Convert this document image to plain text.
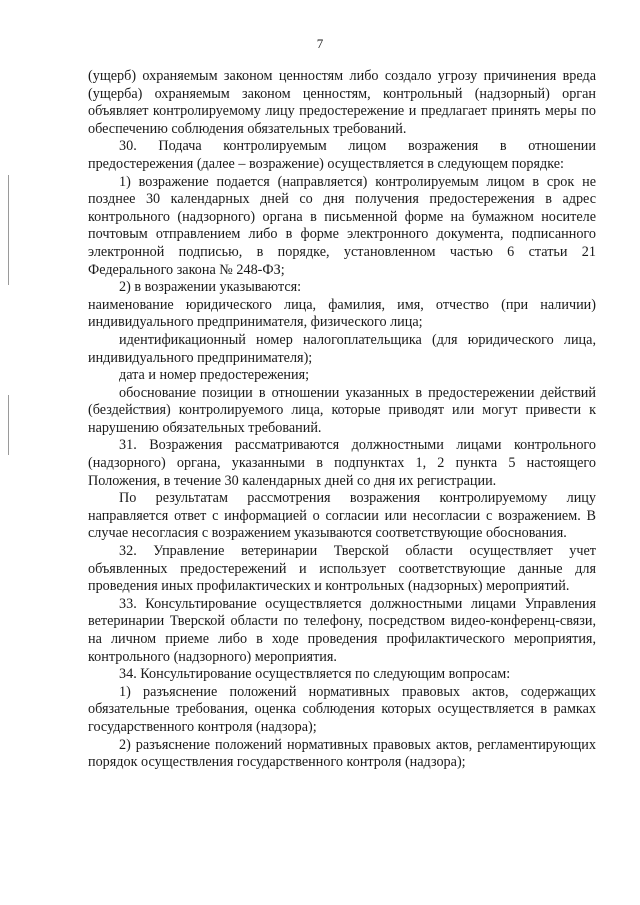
7

(ущерб) охраняемым законом ценностям либо создало угрозу причинения вреда (ущерба) охраняемым законом ценностям, контрольный (надзорный) орган объявляет контролируемому лицу предостережение и предлагает принять меры по обеспечению соблюдения обязательных требований.

30. Подача контролируемым лицом возражения в отношении предостережения (далее – возражение) осуществляется в следующем порядке:

1) возражение подается (направляется) контролируемым лицом в срок не позднее 30 календарных дней со дня получения предостережения в адрес контрольного (надзорного) органа в письменной форме на бумажном носителе почтовым отправлением либо в форме электронного документа, подписанного электронной подписью, в порядке, установленном частью 6 статьи 21 Федерального закона № 248-ФЗ;

2) в возражении указываются:

наименование юридического лица, фамилия, имя, отчество (при наличии) индивидуального предпринимателя, физического лица;

идентификационный номер налогоплательщика (для юридического лица, индивидуального предпринимателя);

дата и номер предостережения;

обоснование позиции в отношении указанных в предостережении действий (бездействия) контролируемого лица, которые приводят или могут привести к нарушению обязательных требований.

31. Возражения рассматриваются должностными лицами контрольного (надзорного) органа, указанными в подпунктах 1, 2 пункта 5 настоящего Положения, в течение 30 календарных дней со дня их регистрации.

По результатам рассмотрения возражения контролируемому лицу направляется ответ с информацией о согласии или несогласии с возражением. В случае несогласия с возражением указываются соответствующие обоснования.

32. Управление ветеринарии Тверской области осуществляет учет объявленных предостережений и использует соответствующие данные для проведения иных профилактических и контрольных (надзорных) мероприятий.

33. Консультирование осуществляется должностными лицами Управления ветеринарии Тверской области по телефону, посредством видео-конференц-связи, на личном приеме либо в ходе проведения профилактического мероприятия, контрольного (надзорного) мероприятия.

34. Консультирование осуществляется по следующим вопросам:

1) разъяснение положений нормативных правовых актов, содержащих обязательные требования, оценка соблюдения которых осуществляется в рамках государственного контроля (надзора);

2) разъяснение положений нормативных правовых актов, регламентирующих порядок осуществления государственного контроля (надзора);
